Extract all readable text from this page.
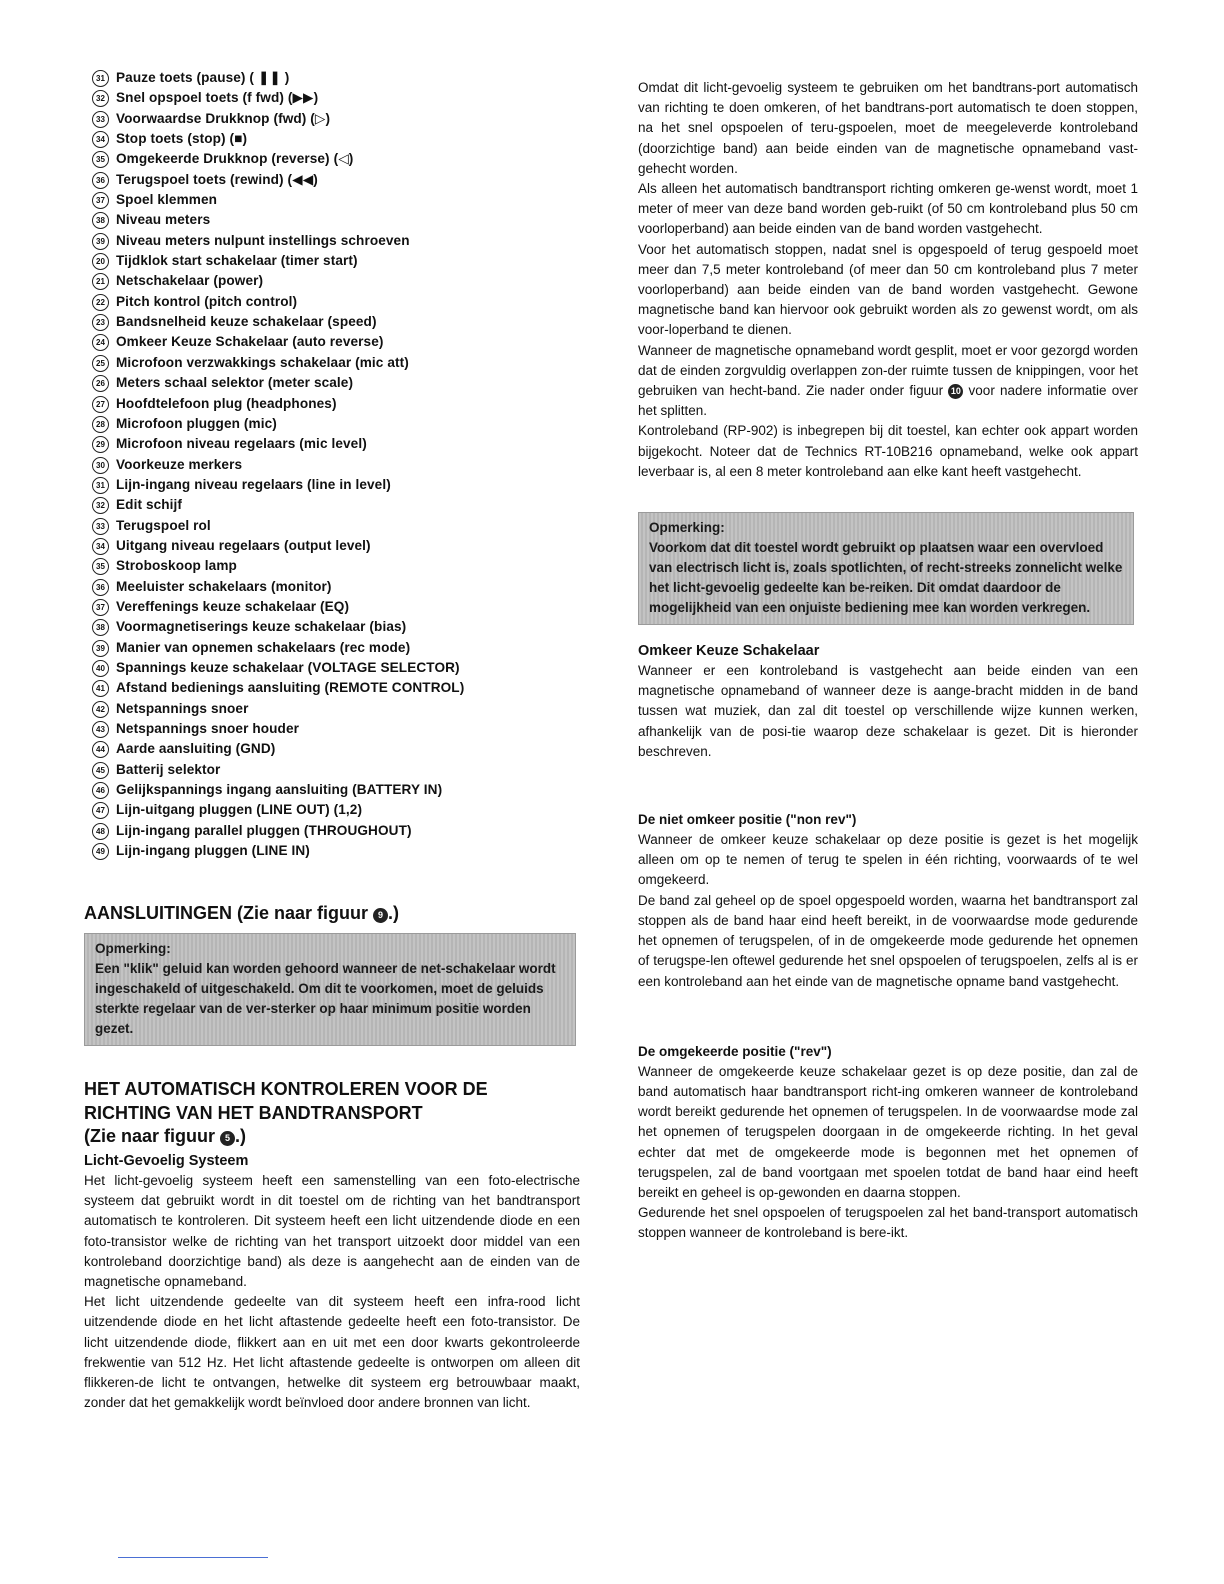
31 Pauze toets (pause) ( ❚❚ )
32 Snel opspoel toets (f fwd) (▶▶)
33 Voorwaardse Drukknop (fwd) (▷)
34 Stop toets (stop) (■)
35 Omgekeerde Drukknop (reverse) (◁)
36 Terugspoel toets (rewind) (◀◀)
37 Spoel klemmen
38 Niveau meters
39 Niveau meters nulpunt instellings schroeven
20 Tijdklok start schakelaar (timer start)
21 Netschakelaar (power)
22 Pitch kontrol (pitch control)
23 Bandsnelheid keuze schakelaar (speed)
24 Omkeer Keuze Schakelaar (auto reverse)
25 Microfoon verzwakkings schakelaar (mic att)
26 Meters schaal selektor (meter scale)
27 Hoofdtelefoon plug (headphones)
28 Microfoon pluggen (mic)
29 Microfoon niveau regelaars (mic level)
30 Voorkeuze merkers
31 Lijn-ingang niveau regelaars (line in level)
32 Edit schijf
33 Terugspoel rol
34 Uitgang niveau regelaars (output level)
35 Stroboskoop lamp
36 Meeluister schakelaars (monitor)
37 Vereffenings keuze schakelaar (EQ)
38 Voormagnetiserings keuze schakelaar (bias)
39 Manier van opnemen schakelaars (rec mode)
40 Spannings keuze schakelaar (VOLTAGE SELECTOR)
41 Afstand bedienings aansluiting (REMOTE CONTROL)
42 Netspannings snoer
43 Netspannings snoer houder
44 Aarde aansluiting (GND)
45 Batterij selektor
46 Gelijkspannings ingang aansluiting (BATTERY IN)
47 Lijn-uitgang pluggen (LINE OUT) (1,2)
48 Lijn-ingang parallel pluggen (THROUGHOUT)
49 Lijn-ingang pluggen (LINE IN)
AANSLUITINGEN (Zie naar figuur 9 .)
Opmerking:
Een "klik" geluid kan worden gehoord wanneer de net-schakelaar wordt ingeschakeld of uitgeschakeld. Om dit te voorkomen, moet de geluids sterkte regelaar van de ver-sterker op haar minimum positie worden gezet.
HET AUTOMATISCH KONTROLEREN VOOR DE
RICHTING VAN HET BANDTRANSPORT
(Zie naar figuur 5 .)
Licht-Gevoelig Systeem

Het licht-gevoelig systeem heeft een samenstelling van een foto-electrische systeem dat gebruikt wordt in dit toestel om de richting van het bandtransport automatisch te kontroleren. Dit systeem heeft een licht uitzendende diode en een foto-transistor welke de richting van het transport uitzoekt door middel van een kontroleband doorzichtige band) als deze is aangehecht aan de einden van de magnetische opnameband.

Het licht uitzendende gedeelte van dit systeem heeft een infra-rood licht uitzendende diode en het licht aftastende gedeelte heeft een foto-transistor. De licht uitzendende diode, flikkert aan en uit met een door kwarts gekontroleerde frekwentie van 512 Hz. Het licht aftastende gedeelte is ontworpen om alleen dit flikkeren-de licht te ontvangen, hetwelke dit systeem erg betrouwbaar maakt, zonder dat het gemakkelijk wordt beïnvloed door andere bronnen van licht.

Omdat dit licht-gevoelig systeem te gebruiken om het bandtrans-port automatisch van richting te doen omkeren, of het bandtrans-port automatisch te doen stoppen, na het snel opspoelen of teru-gspoelen, moet de meegeleverde kontroleband (doorzichtige band) aan beide einden van de magnetische opnameband vast-gehecht worden.

Als alleen het automatisch bandtransport richting omkeren ge-wenst wordt, moet 1 meter of meer van deze band worden geb-ruikt (of 50 cm kontroleband plus 50 cm voorloperband) aan beide einden van de band worden vastgehecht.

Voor het automatisch stoppen, nadat snel is opgespoeld of terug gespoeld moet meer dan 7,5 meter kontroleband (of meer dan 50 cm kontroleband plus 7 meter voorloperband) aan beide einden van de band worden vastgehecht. Gewone magnetische band kan hiervoor ook gebruikt worden als zo gewenst wordt, om als voor-loperband te dienen.

Wanneer de magnetische opnameband wordt gesplit, moet er voor gezorgd worden dat de einden zorgvuldig overlappen zon-der ruimte tussen de knippingen, voor het gebruiken van hecht-band. Zie nader onder figuur 10 voor nadere informatie over het splitten.

Kontroleband (RP-902) is inbegrepen bij dit toestel, kan echter ook appart worden bijgekocht. Noteer dat de Technics RT-10B216 opnameband, welke ook appart leverbaar is, al een 8 meter kontroleband aan elke kant heeft vastgehecht.

Opmerking:
Voorkom dat dit toestel wordt gebruikt op plaatsen waar een overvloed van electrisch licht is, zoals spotlichten, of recht-streeks zonnelicht welke het licht-gevoelig gedeelte kan be-reiken. Dit omdat daardoor de mogelijkheid van een onjuiste bediening mee kan worden verkregen.
Omkeer Keuze Schakelaar

Wanneer er een kontroleband is vastgehecht aan beide einden van een magnetische opnameband of wanneer deze is aange-bracht midden in de band tussen wat muziek, dan zal dit toestel op verschillende wijze kunnen werken, afhankelijk van de posi-tie waarop deze schakelaar is gezet. Dit is hieronder beschreven.

De niet omkeer positie ("non rev")

Wanneer de omkeer keuze schakelaar op deze positie is gezet is het mogelijk alleen om op te nemen of terug te spelen in één richting, voorwaards of te wel omgekeerd.

De band zal geheel op de spoel opgespoeld worden, waarna het bandtransport zal stoppen als de band haar eind heeft bereikt, in de voorwaardse mode gedurende het opnemen of terugspelen, of in de omgekeerde mode gedurende het opnemen of terugspe-len oftewel gedurende het snel opspoelen of terugspoelen, zelfs al is er een kontroleband aan het einde van de magnetische opname band vastgehecht.

De omgekeerde positie ("rev")

Wanneer de omgekeerde keuze schakelaar gezet is op deze positie, dan zal de band automatisch haar bandtransport richt-ing omkeren wanneer de kontroleband wordt bereikt gedurende het opnemen of terugspelen. In de voorwaardse mode zal het opnemen of terugspelen doorgaan in de omgekeerde richting. In het geval echter dat met de omgekeerde mode is begonnen met het opnemen of terugspelen, zal de band voortgaan met spoelen totdat de band haar eind heeft bereikt en geheel is op-gewonden en daarna stoppen.

Gedurende het snel opspoelen of terugspoelen zal het band-transport automatisch stoppen wanneer de kontroleband is bere-ikt.
